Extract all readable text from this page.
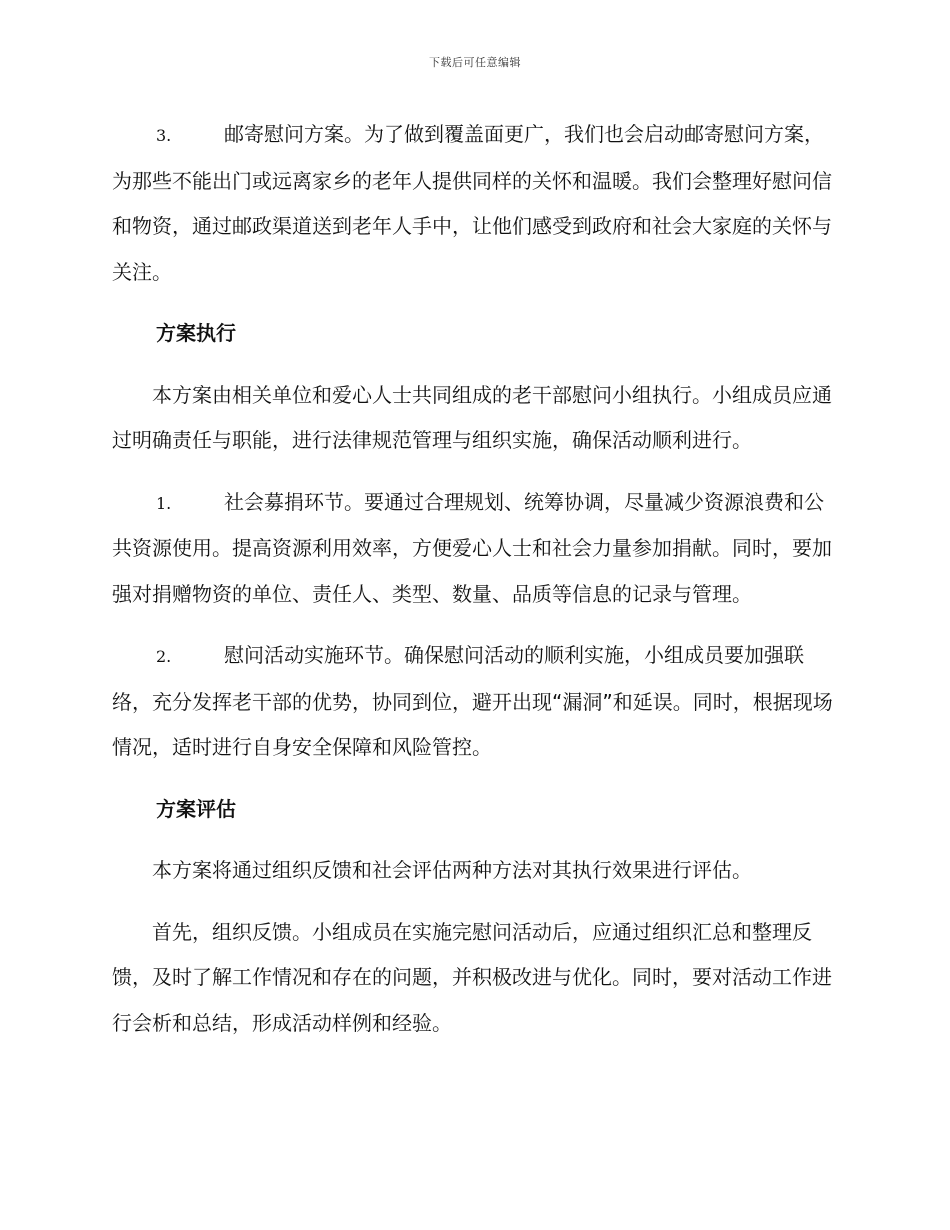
下载后可任意编辑

3.	邮寄慰问方案。为了做到覆盖面更广，我们也会启动邮寄慰问方案，为那些不能出门或远离家乡的老年人提供同样的关怀和温暖。我们会整理好慰问信和物资，通过邮政渠道送到老年人手中，让他们感受到政府和社会大家庭的关怀与关注。

方案执行

本方案由相关单位和爱心人士共同组成的老干部慰问小组执行。小组成员应通过明确责任与职能，进行法律规范管理与组织实施，确保活动顺利进行。

1.	社会募捐环节。要通过合理规划、统筹协调，尽量减少资源浪费和公共资源使用。提高资源利用效率，方便爱心人士和社会力量参加捐献。同时，要加强对捐赠物资的单位、责任人、类型、数量、品质等信息的记录与管理。

2.	慰问活动实施环节。确保慰问活动的顺利实施，小组成员要加强联络，充分发挥老干部的优势，协同到位，避开出现“漏洞”和延误。同时，根据现场情况，适时进行自身安全保障和风险管控。

方案评估

本方案将通过组织反馈和社会评估两种方法对其执行效果进行评估。

首先，组织反馈。小组成员在实施完慰问活动后，应通过组织汇总和整理反馈，及时了解工作情况和存在的问题，并积极改进与优化。同时，要对活动工作进行会析和总结，形成活动样例和经验。
